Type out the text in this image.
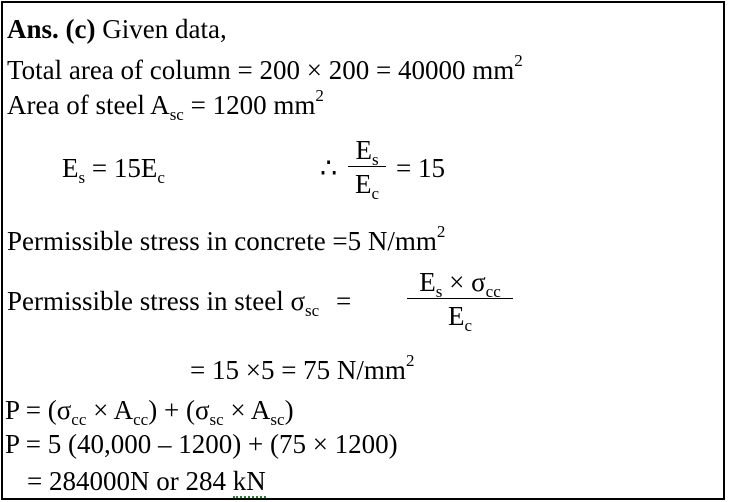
Ans. (c) Given data,
Total area of column = 200 × 200 = 40000 $mm^2$
Area of steel $A_{sc} = 1200$ $mm^2$
$E_s = 15E_c$	∴ $\frac{E_s}{E_c} = 15$
Permissible stress in concrete =5 $N/mm^2$
Permissible stress in steel $\sigma_{sc}$ =
$E_s \times \sigma_{cc}$
$E_c$
= 15 ×5 = 75 $N/mm^2$
$P = (\sigma_{cc} \times A_{cc}) + (\sigma_{sc} \times A_{sc})$
P = 5 (40,000 – 1200) + (75 × 1200)
= 284000N or 284 kN
